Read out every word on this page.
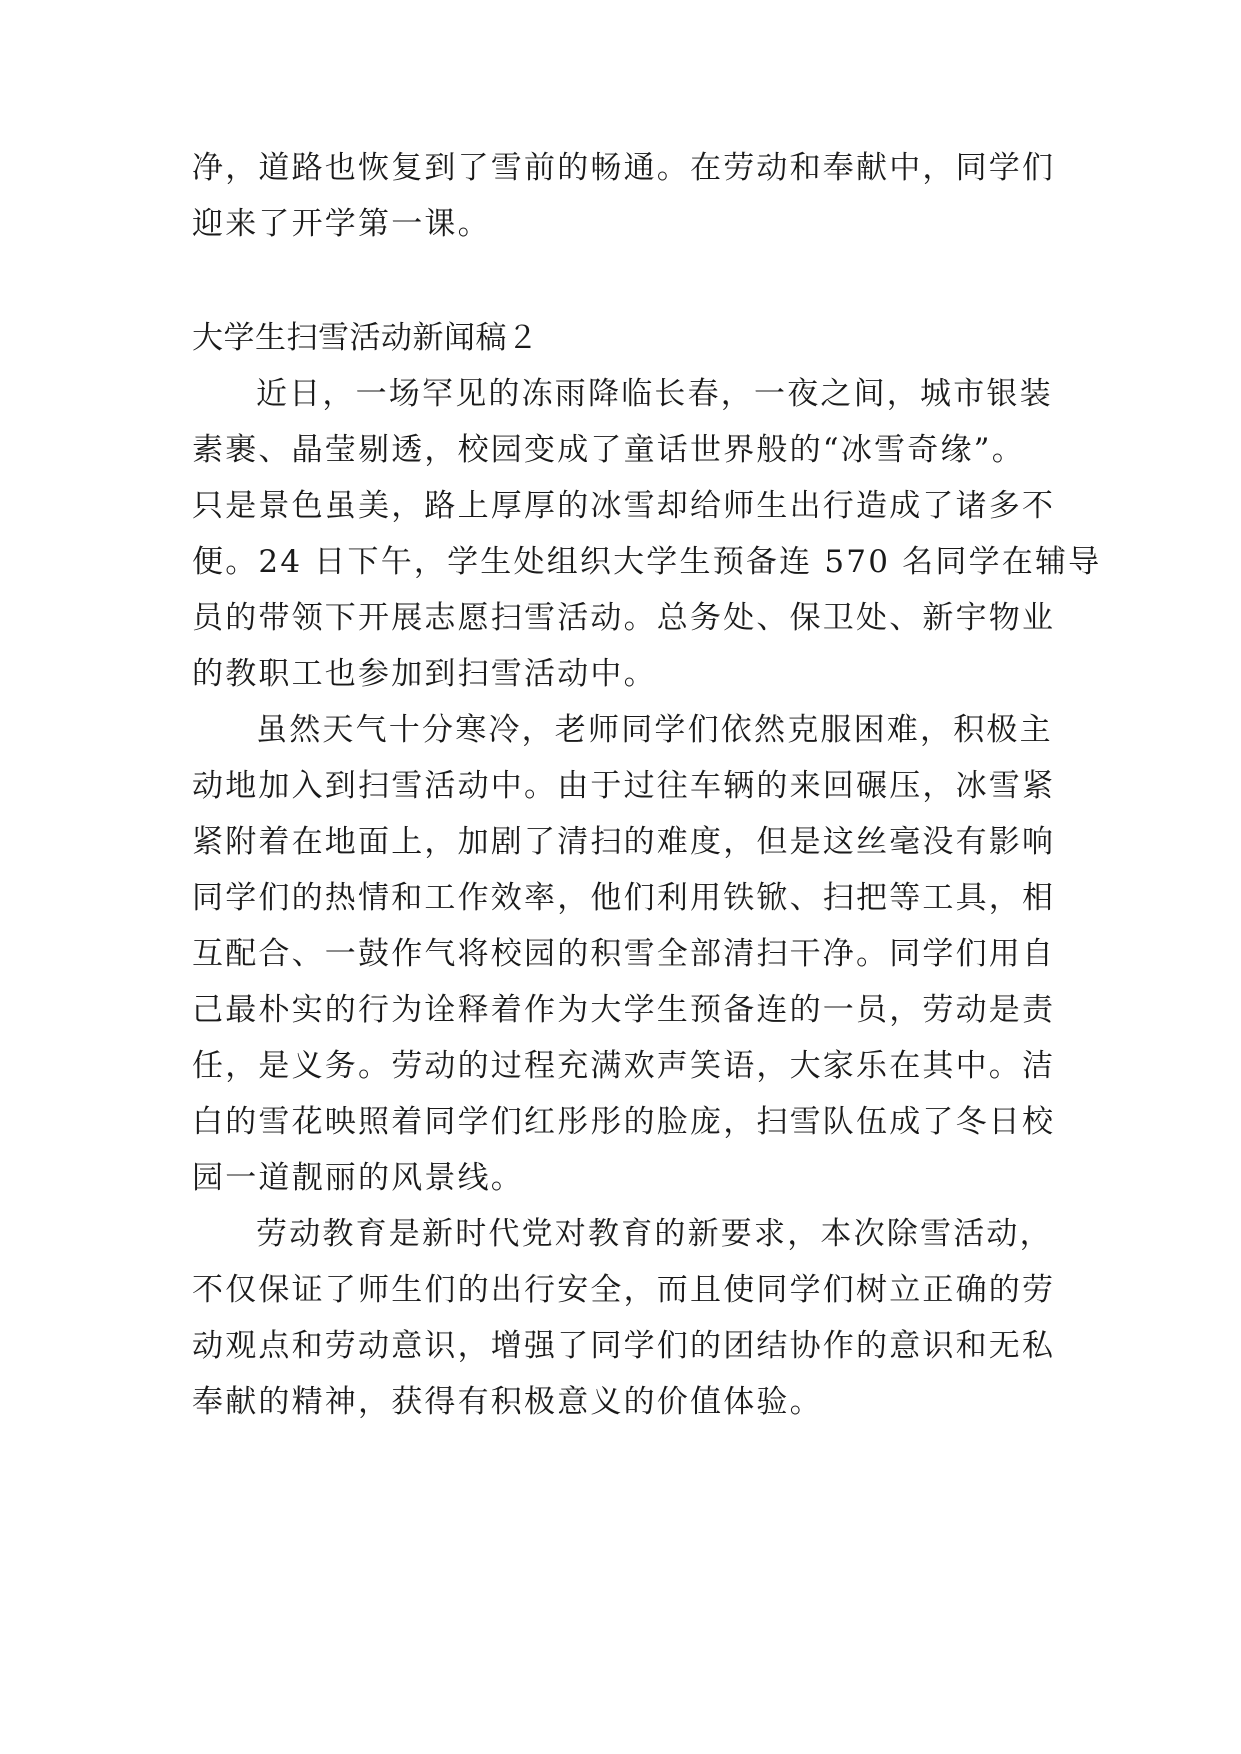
净，道路也恢复到了雪前的畅通。在劳动和奉献中，同学们

迎来了开学第一课。

大学生扫雪活动新闻稿２

近日，一场罕见的冻雨降临长春，一夜之间，城市银装

素裹、晶莹剔透，校园变成了童话世界般的“冰雪奇缘”。

只是景色虽美，路上厚厚的冰雪却给师生出行造成了诸多不

便。24 日下午，学生处组织大学生预备连 570 名同学在辅导

员的带领下开展志愿扫雪活动。总务处、保卫处、新宇物业

的教职工也参加到扫雪活动中。

虽然天气十分寒冷，老师同学们依然克服困难，积极主

动地加入到扫雪活动中。由于过往车辆的来回碾压，冰雪紧

紧附着在地面上，加剧了清扫的难度，但是这丝毫没有影响

同学们的热情和工作效率，他们利用铁锨、扫把等工具，相

互配合、一鼓作气将校园的积雪全部清扫干净。同学们用自

己最朴实的行为诠释着作为大学生预备连的一员，劳动是责

任，是义务。劳动的过程充满欢声笑语，大家乐在其中。洁

白的雪花映照着同学们红彤彤的脸庞，扫雪队伍成了冬日校

园一道靓丽的风景线。

劳动教育是新时代党对教育的新要求，本次除雪活动，

不仅保证了师生们的出行安全，而且使同学们树立正确的劳

动观点和劳动意识，增强了同学们的团结协作的意识和无私

奉献的精神，获得有积极意义的价值体验。
